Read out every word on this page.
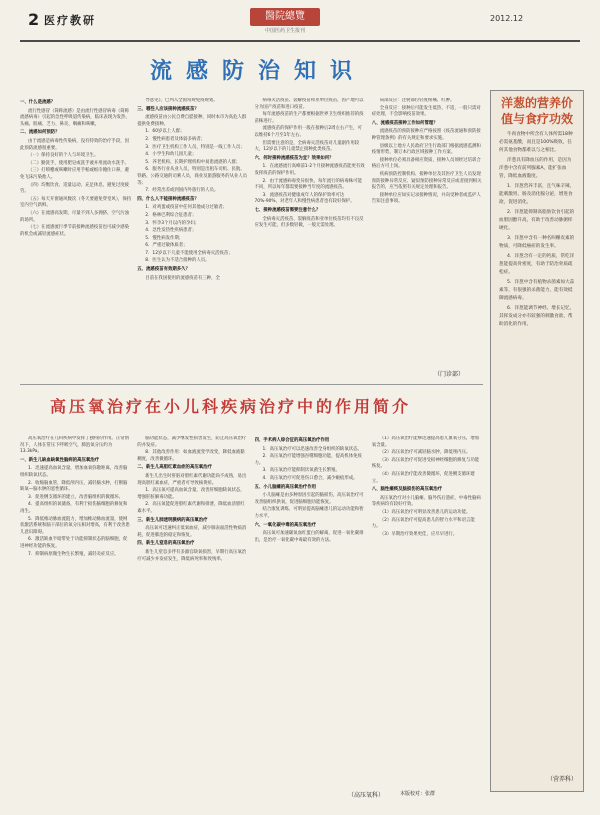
2 医疗教研	醫院總覽
中国医药卫生报刊
2012.12
流感防治知识
一、什么是流感？

流行性感冒（简称流感）是由流行性感冒病毒（简称流感病毒）引起的急性呼吸道传染病，临床表现为发热、头痛、肌痛、乏力、鼻炎、咽痛和咳嗽。

二、流感如何预防？

由于流感是病毒性传染病，没有特效的治疗手段，因此预防流感很重要。

（一）保持良好的个人与环境卫生。

（二）勤洗手，使用肥皂或洗手液并用流动水洗手。

（三）打喷嚏或咳嗽时应用手帕或纸巾掩住口鼻，避免飞沫污染他人。

（四）均衡饮食、适量运动、充足休息，避免过度疲劳。

（五）每天开窗通风数次（冬天要避免穿堂风），保持室内空气新鲜。

（六）在流感高发期，尽量不到人多拥挤、空气污浊的场所。

（七）在流感流行季节前接种流感疫苗也可减少感染的机会或减轻流感症状。

导意见》，已列入全国常规免疫规划。

三、哪些人应该接种流感疫苗？

流感疫苗由公民自费自愿接种，同时本市为高危人群提供免费接种。

1．60岁以上人群；

2．慢性病患者及体弱多病者；

3．医疗卫生机构工作人员，特别是一线工作人员；

4．小学生和幼儿园儿童；

5．养老机构、长期护理机构中易患流感的人群；

6．服务行业从业人员，特别是出租车司机、民航、铁路、公路交通的司乘人员，商业及旅游服务的从业人员等；

7．经常出差或到国内外旅行的人员。

四、什么人不能接种流感疫苗？

1．对鸡蛋或疫苗中任何其他成分过敏者；

2．格林巴利综合征患者；

3．怀孕3个月以内的孕妇；

4．急性发热性疾病患者；

5．慢性病发作期；

6．严重过敏体质者；

7．12岁以下儿童不能使用全病毒灭活疫苗；

8．医生认为不适合接种的人员。

五、流感疫苗有效期多久？

目前在我国使用的流感疫苗有三种，全

病毒灭活疫苗、裂解疫苗和亚单位疫苗，因产地可以分为国产疫苗和进口疫苗。

每年流感疫苗的生产都要根据世界卫生组织推荐的疫苗株进行。

流感疫苗的保护作用一般在接种后2周左右产生，可以维持6个月至1年左右。

但需要注意的是，全病毒灭活疫苗对儿童副作用较大，12岁以下的儿童禁止接种此类疫苗。

六、何时接种流感疫苗为宜？效果如何？

1．在流感流行高峰前1-2个月接种流感疫苗能更有效发挥疫苗的保护作用。

2．由于流感病毒变异很快，每年流行的病毒株可能不同，所以每年都需要接种当年度的流感疫苗。

3．流感疫苗对健康成年人的保护效率可达70%-90%，对老年人和慢性病患者也有较好保护。

七、接种流感疫苗需要注意什么？

全病毒灭活疫苗、裂解疫苗和亚单位疫苗均有不良反应发生可能，但多数轻微，一般无需处理。

局部反应：注射部位轻度疼痛、红肿。

全身反应：接种后可能发生低热、不适，一般只需对症处理，不会影响疫苗效果。

八、流感疫苗接种工作如何管理？

流感疫苗的预防接种应严格按照《疫苗流通和预防接种管理条例》的有关规定和要求实施。

县级以上地方人民政府卫生行政部门根据流感监测和疫情形势，制订本行政区域接种工作方案。

接种单位必须具备相应资质，接种人员须经过培训合格后方可上岗。

疾病预防控制机构、接种单位及其医疗卫生人员发现预防接种异常反应、疑似预防接种异常反应或者接到相关报告的，应当依照有关规定处理和报告。

接种单位应如实记录接种情况，并向受种者或监护人告知注意事项。

（门诊部）
高压氧治疗在小儿科疾病治疗中的作用简介

高压氧治疗在儿科疾病中发挥了独特的作用。正常情况下，人体在常压下呼吸空气，肺泡氧分压约为13.3kPa。

一、新生儿缺血缺氧性脑病的高压氧治疗

1．迅速提高血氧含量，增加血氧弥散距离，改善脑组织缺氧状态。

2．收缩脑血管，降低颅内压，减轻脑水肿，打断脑缺氧—脑水肿的恶性循环。

3．促进侧支循环的建立，改善脑组织的微循环。

4．提高组织的氧储备，有利于损伤脑细胞的修复和再生。

5．降低椎动脉血流阻力，增加椎动脉血流量，使网状激活系统和脑干部位的氧分压相对增高，有利于改善患儿意识障碍。

6．激活缺血半暗带处于功能抑制状态的脑细胞，促进神经功能的恢复。

7．抑制病原微生物生长繁殖，减轻炎症反应。

脑功能状态，减少继发性损害发生，防止高压氧治疗的并发症。

8．其他改善作用：如血液流变学改变，降低血液黏稠度，改善微循环。

二、新生儿高胆红素血症的高压氧治疗

新生儿出生时肝脏对胆红素代谢功能尚不成熟，易出现高胆红素血症，严重者可导致核黄疸。

1．高压氧可提高血氧含量，改善肝细胞缺氧状态，增强肝脏解毒功能。

2．高压氧能促进胆红素代谢和排泄，降低血清胆红素水平。

三、新生儿肺透明膜病的高压氧治疗

高压氧可迅速纠正低氧血症，减少肺表面活性物质消耗，促进肺泡的稳定和恢复。

四、新生儿窒息的高压氧治疗

新生儿窒息多伴有多器官缺氧损害，早期行高压氧治疗可减少并发症发生，降低病死率和致残率。

四、手术病人综合征的高压氧治疗作用

1．高压氧治疗可以迅速改善全身组织的缺氧状态。

2．高压氧治疗能增强吞噬细胞功能，提高机体免疫力。

3．高压氧治疗能抑制厌氧菌生长繁殖。

4．高压氧治疗可促进伤口愈合，减少瘢痕形成。

五、小儿脑瘫的高压氧治疗作用

小儿脑瘫是由多种原因引起的脑损伤，高压氧治疗可改善脑组织供氧，促进脑细胞功能恢复。

结合康复训练，可明显提高脑瘫患儿的运动功能和智力水平。

六、一氧化碳中毒的高压氧治疗

高压氧可加速碳氧血红蛋白的解离，促进一氧化碳排出，是治疗一氧化碳中毒最有效的方法。

（1）高压氧治疗能够迅速提高患儿血氧分压，增加氧含量。

（2）高压氧治疗可减轻脑水肿，降低颅内压。

（3）高压氧治疗可促进受损神经细胞的修复与功能恢复。

（4）高压氧治疗能改善微循环，促进侧支循环建立。

八、脑性瘫痪及脑损伤的高压氧治疗

高压氧治疗对小儿脑瘫、脑外伤后遗症、中毒性脑病等疾病均有较好疗效。

（1）高压氧治疗可明显改善患儿的运动功能。

（2）高压氧治疗可提高患儿的智力水平和语言能力。

（3）早期治疗效果更佳，应尽早进行。

（高压氧科）	本版校对：张群
洋葱的营养价值与食疗功效

牛肉食物中所含有人体所需18种必需氨基酸，而且是100%吸收，任何其他食物都难以与之相比。

洋葱具有降血压的作用，是因为洋葱中含有前列腺素A，能扩张血管，降低血液黏度。

1．洋葱营养丰富，且气味辛辣，能刺激胃、肠及消化腺分泌，增进食欲，促进消化。

2．洋葱能抑制高脂肪饮食引起的血胆固醇升高，有助于改善动脉粥样硬化。

3．洋葱中含有一种名叫槲皮素的物质，可降低癌症的发生率。

4．洋葱含有一定的钙质，常吃洋葱能提高骨密度，有助于防治骨质疏松症。

5．洋葱中含有植物杀菌素如大蒜素等，有很强的杀菌能力，能有效抵御流感病毒。

6．洋葱能调节神经、增长记忆，其挥发成分亦有较强的刺激食欲、帮助消化的作用。

（营养科）
